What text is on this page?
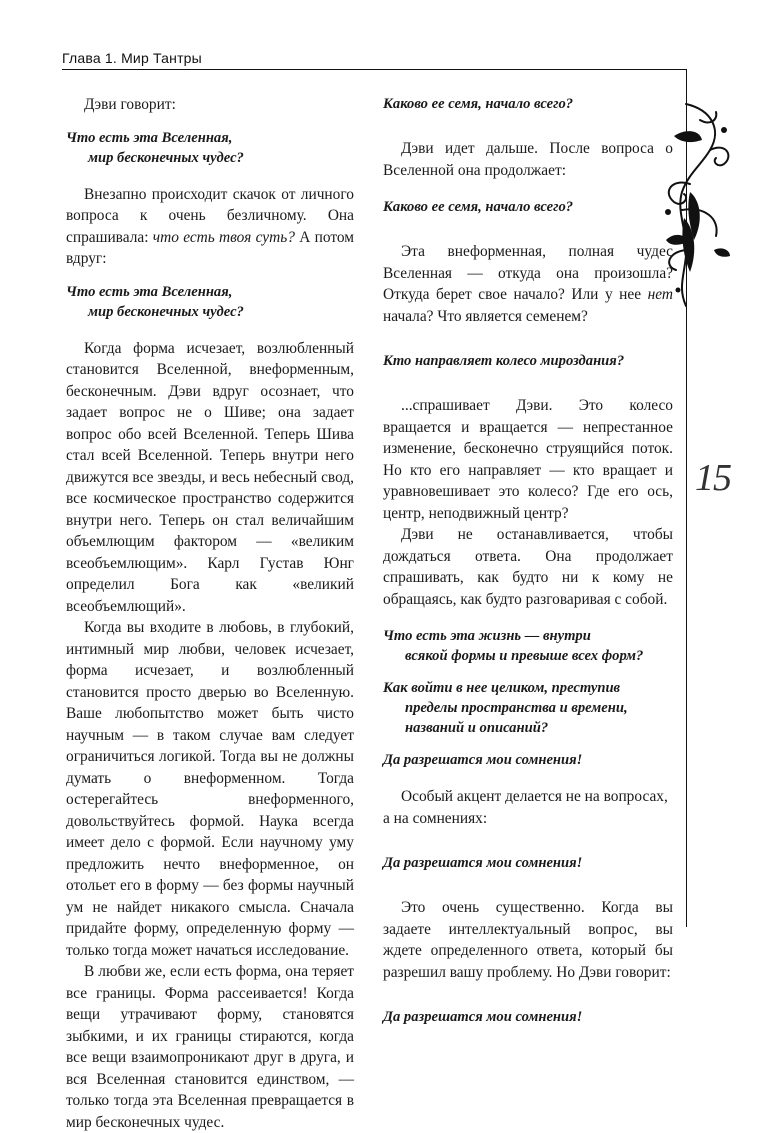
Глава 1. Мир Тантры
15

Дэви говорит:

Что есть эта Вселенная,
мир бесконечных чудес?

Внезапно происходит скачок от личного вопроса к очень безличному. Она спрашивала: что есть твоя суть? А потом вдруг:

Что есть эта Вселенная,
мир бесконечных чудес?

Когда форма исчезает, возлюбленный становится Вселенной, внеформенным, бесконечным. Дэви вдруг осознает, что задает вопрос не о Шиве; она задает вопрос обо всей Вселенной. Теперь Шива стал всей Вселенной. Теперь внутри него движутся все звезды, и весь небесный свод, все космическое пространство содержится внутри него. Теперь он стал величайшим объемлющим фактором — «великим всеобъемлющим». Карл Густав Юнг определил Бога как «великий всеобъемлющий».

Когда вы входите в любовь, в глубокий, интимный мир любви, человек исчезает, форма исчезает, и возлюбленный становится просто дверью во Вселенную. Ваше любопытство может быть чисто научным — в таком случае вам следует ограничиться логикой. Тогда вы не должны думать о внеформенном. Тогда остерегайтесь внеформенного, довольствуйтесь формой. Наука всегда имеет дело с формой. Если научному уму предложить нечто внеформенное, он отольет его в форму — без формы научный ум не найдет никакого смысла. Сначала придайте форму, определенную форму — только тогда может начаться исследование.

В любви же, если есть форма, она теряет все границы. Форма рассеивается! Когда вещи утрачивают форму, становятся зыбкими, и их границы стираются, когда все вещи взаимопроникают друг в друга, и вся Вселенная становится единством, — только тогда эта Вселенная превращается в мир бесконечных чудес.

Каково ее семя, начало всего?

Дэви идет дальше. После вопроса о Вселенной она продолжает:

Каково ее семя, начало всего?

Эта внеформенная, полная чудес Вселенная — откуда она произошла? Откуда берет свое начало? Или у нее нет начала? Что является семенем?

Кто направляет колесо мироздания?

...спрашивает Дэви. Это колесо вращается и вращается — непрестанное изменение, бесконечно струящийся поток. Но кто его направляет — кто вращает и уравновешивает это колесо? Где его ось, центр, неподвижный центр?

Дэви не останавливается, чтобы дождаться ответа. Она продолжает спрашивать, как будто ни к кому не обращаясь, как будто разговаривая с собой.

Что есть эта жизнь — внутри
всякой формы и превыше всех форм?

Как войти в нее целиком, преступив
пределы пространства и времени,
названий и описаний?

Да разрешатся мои сомнения!

Особый акцент делается не на вопросах, а на сомнениях:

Да разрешатся мои сомнения!

Это очень существенно. Когда вы задаете интеллектуальный вопрос, вы ждете определенного ответа, который бы разрешил вашу проблему. Но Дэви говорит:

Да разрешатся мои сомнения!
